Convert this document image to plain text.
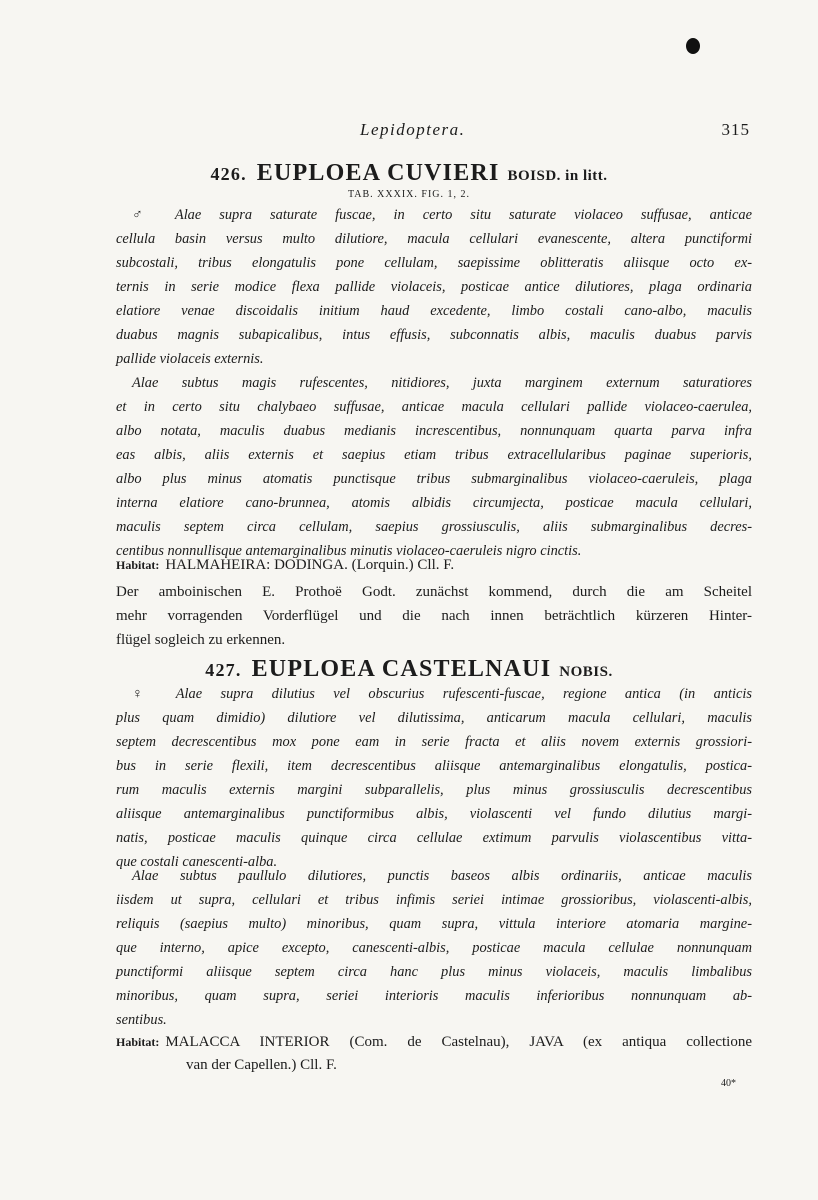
Lepidoptera.	315
426. EUPLOEA CUVIERI BOISD. in litt.
TAB. XXXIX. FIG. 1, 2.
♂ Alae supra saturate fuscae, in certo situ saturate violaceo suffusae, anticae
cellula basin versus multo dilutiore, macula cellulari evanescente, altera punctiformi
subcostali, tribus elongatulis pone cellulam, saepissime oblitteratis aliisque octo ex-
ternis in serie modice flexa pallide violaceis, posticae antice dilutiores, plaga ordinaria
elatiore venae discoidalis initium haud excedente, limbo costali cano-albo, maculis
duabus magnis subapicalibus, intus effusis, subconnatis albis, maculis duabus parvis
pallide violaceis externis.
Alae subtus magis rufescentes, nitidiores, juxta marginem externum saturatiores
et in certo situ chalybaeo suffusae, anticae macula cellulari pallide violaceo-caerulea,
albo notata, maculis duabus medianis increscentibus, nonnunquam quarta parva infra
eas albis, aliis externis et saepius etiam tribus extracellularibus paginae superioris,
albo plus minus atomatis punctisque tribus submarginalibus violaceo-caeruleis, plaga
interna elatiore cano-brunnea, atomis albidis circumjecta, posticae macula cellulari,
maculis septem circa cellulam, saepius grossiusculis, aliis submarginalibus decres-
centibus nonnullisque antemarginalibus minutis violaceo-caeruleis nigro cinctis.
Habitat: HALMAHEIRA: DODINGA. (Lorquin.) Cll. F.
Der amboinischen E. Prothoë Godt. zunächst kommend, durch die am Scheitel
mehr vorragenden Vorderflügel und die nach innen beträchtlich kürzeren Hinter-
flügel sogleich zu erkennen.
427. EUPLOEA CASTELNAUI NOBIS.
♀ Alae supra dilutius vel obscurius rufescenti-fuscae, regione antica (in anticis
plus quam dimidio) dilutiore vel dilutissima, anticarum macula cellulari, maculis
septem decrescentibus mox pone eam in serie fracta et aliis novem externis grossiori-
bus in serie flexili, item decrescentibus aliisque antemarginalibus elongatulis, postica-
rum maculis externis margini subparallelis, plus minus grossiusculis decrescentibus
aliisque antemarginalibus punctiformibus albis, violascenti vel fundo dilutius margi-
natis, posticae maculis quinque circa cellulae extimum parvulis violascentibus vitta-
que costali canescenti-alba.
Alae subtus paullulo dilutiores, punctis baseos albis ordinariis, anticae maculis
iisdem ut supra, cellulari et tribus infimis seriei intimae grossioribus, violascenti-albis,
reliquis (saepius multo) minoribus, quam supra, vittula interiore atomaria margine-
que interno, apice excepto, canescenti-albis, posticae macula cellulae nonnunquam
punctiformi aliisque septem circa hanc plus minus violaceis, maculis limbalibus
minoribus, quam supra, seriei interioris maculis inferioribus nonnunquam ab-
sentibus.
Habitat: MALACCA INTERIOR (Com. de Castelnau), JAVA (ex antiqua collectione
van der Capellen.) Cll. F.
40*
